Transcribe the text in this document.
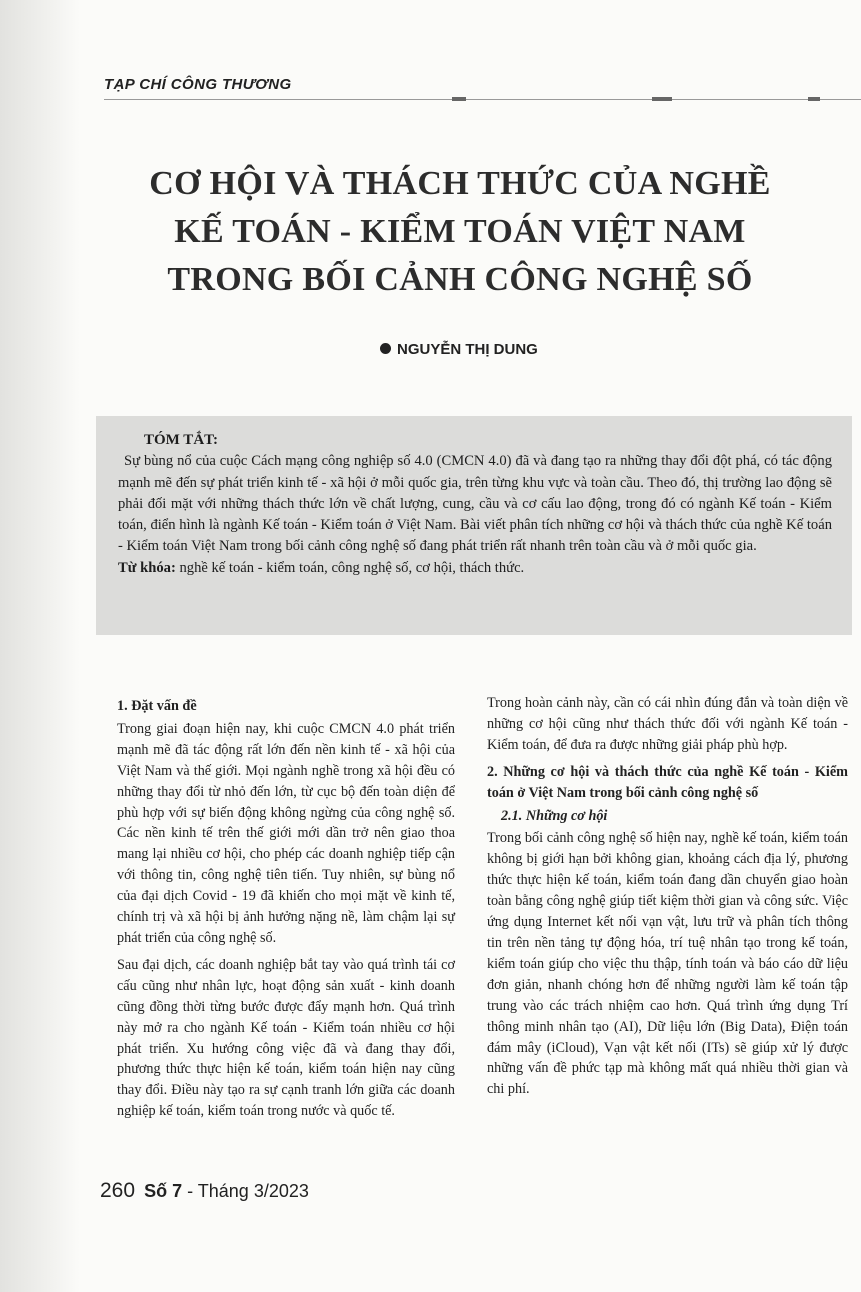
TẠP CHÍ CÔNG THƯƠNG
CƠ HỘI VÀ THÁCH THỨC CỦA NGHỀ
KẾ TOÁN - KIỂM TOÁN VIỆT NAM
TRONG BỐI CẢNH CÔNG NGHỆ SỐ
NGUYỄN THỊ DUNG
TÓM TẮT:
Sự bùng nổ của cuộc Cách mạng công nghiệp số 4.0 (CMCN 4.0) đã và đang tạo ra những thay đổi đột phá, có tác động mạnh mẽ đến sự phát triển kinh tế - xã hội ở mỗi quốc gia, trên từng khu vực và toàn cầu. Theo đó, thị trường lao động sẽ phải đối mặt với những thách thức lớn về chất lượng, cung, cầu và cơ cấu lao động, trong đó có ngành Kế toán - Kiểm toán, điển hình là ngành Kế toán - Kiểm toán ở Việt Nam. Bài viết phân tích những cơ hội và thách thức của nghề Kế toán - Kiểm toán Việt Nam trong bối cảnh công nghệ số đang phát triển rất nhanh trên toàn cầu và ở mỗi quốc gia.
Từ khóa: nghề kế toán - kiểm toán, công nghệ số, cơ hội, thách thức.
1. Đặt vấn đề

Trong giai đoạn hiện nay, khi cuộc CMCN 4.0 phát triển mạnh mẽ đã tác động rất lớn đến nền kinh tế - xã hội của Việt Nam và thế giới. Mọi ngành nghề trong xã hội đều có những thay đổi từ nhỏ đến lớn, từ cục bộ đến toàn diện để phù hợp với sự biến động không ngừng của công nghệ số. Các nền kinh tế trên thế giới mới dần trở nên giao thoa mang lại nhiều cơ hội, cho phép các doanh nghiệp tiếp cận với thông tin, công nghệ tiên tiến. Tuy nhiên, sự bùng nổ của đại dịch Covid - 19 đã khiến cho mọi mặt về kinh tế, chính trị và xã hội bị ảnh hưởng nặng nề, làm chậm lại sự phát triển của công nghệ số.

Sau đại dịch, các doanh nghiệp bắt tay vào quá trình tái cơ cấu cũng như nhân lực, hoạt động sản xuất - kinh doanh cũng đồng thời từng bước được đẩy mạnh hơn. Quá trình này mở ra cho ngành Kế toán - Kiểm toán nhiều cơ hội phát triển. Xu hướng công việc đã và đang thay đổi, phương thức thực hiện kế toán, kiểm toán hiện nay cũng thay đổi. Điều này tạo ra sự cạnh tranh lớn giữa các doanh nghiệp kế toán, kiểm toán trong nước và quốc tế.

Trong hoàn cảnh này, cần có cái nhìn đúng đắn và toàn diện về những cơ hội cũng như thách thức đối với ngành Kế toán - Kiểm toán, để đưa ra được những giải pháp phù hợp.

2. Những cơ hội và thách thức của nghề Kế toán - Kiểm toán ở Việt Nam trong bối cảnh công nghệ số
2.1. Những cơ hội

Trong bối cảnh công nghệ số hiện nay, nghề kế toán, kiểm toán không bị giới hạn bởi không gian, khoảng cách địa lý, phương thức thực hiện kế toán, kiểm toán đang dần chuyển giao hoàn toàn bằng công nghệ giúp tiết kiệm thời gian và công sức. Việc ứng dụng Internet kết nối vạn vật, lưu trữ và phân tích thông tin trên nền tảng tự động hóa, trí tuệ nhân tạo trong kế toán, kiểm toán giúp cho việc thu thập, tính toán và báo cáo dữ liệu đơn giản, nhanh chóng hơn để những người làm kế toán tập trung vào các trách nhiệm cao hơn. Quá trình ứng dụng Trí thông minh nhân tạo (AI), Dữ liệu lớn (Big Data), Điện toán đám mây (iCloud), Vạn vật kết nối (ITs) sẽ giúp xử lý được những vấn đề phức tạp mà không mất quá nhiều thời gian và chi phí.

260 Số 7 - Tháng 3/2023
